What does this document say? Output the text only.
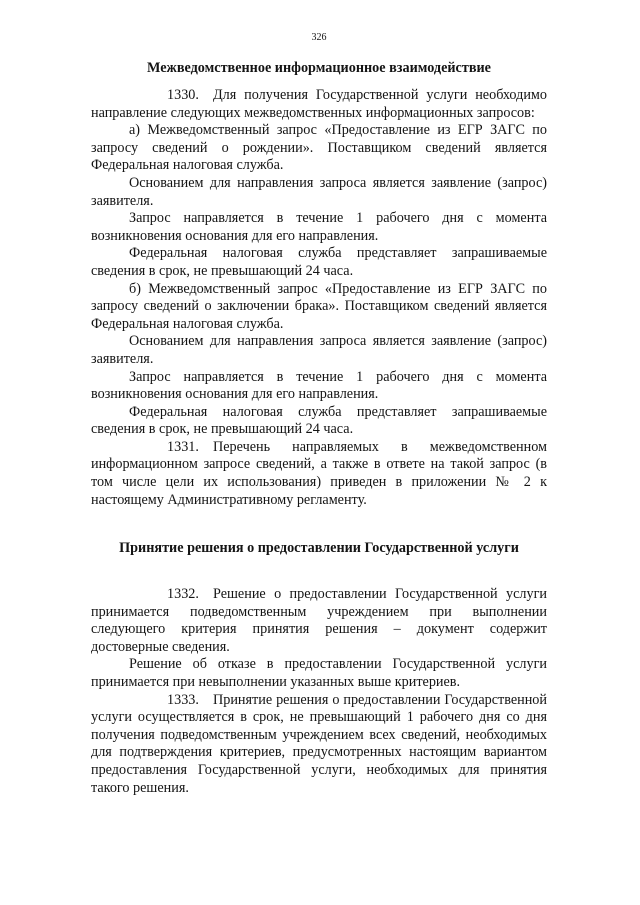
326
Межведомственное информационное взаимодействие

1330. Для получения Государственной услуги необходимо направление следующих межведомственных информационных запросов:

а) Межведомственный запрос «Предоставление из ЕГР ЗАГС по запросу сведений о рождении». Поставщиком сведений является Федеральная налоговая служба.

Основанием для направления запроса является заявление (запрос) заявителя.

Запрос направляется в течение 1 рабочего дня с момента возникновения основания для его направления.

Федеральная налоговая служба представляет запрашиваемые сведения в срок, не превышающий 24 часа.

б) Межведомственный запрос «Предоставление из ЕГР ЗАГС по запросу сведений о заключении брака». Поставщиком сведений является Федеральная налоговая служба.

Основанием для направления запроса является заявление (запрос) заявителя.

Запрос направляется в течение 1 рабочего дня с момента возникновения основания для его направления.

Федеральная налоговая служба представляет запрашиваемые сведения в срок, не превышающий 24 часа.

1331. Перечень направляемых в межведомственном информационном запросе сведений, а также в ответе на такой запрос (в том числе цели их использования) приведен в приложении № 2 к настоящему Административному регламенту.

Принятие решения о предоставлении Государственной услуги

1332. Решение о предоставлении Государственной услуги принимается подведомственным учреждением при выполнении следующего критерия принятия решения – документ содержит достоверные сведения.

Решение об отказе в предоставлении Государственной услуги принимается при невыполнении указанных выше критериев.

1333. Принятие решения о предоставлении Государственной услуги осуществляется в срок, не превышающий 1 рабочего дня со дня получения подведомственным учреждением всех сведений, необходимых для подтверждения критериев, предусмотренных настоящим вариантом предоставления Государственной услуги, необходимых для принятия такого решения.
